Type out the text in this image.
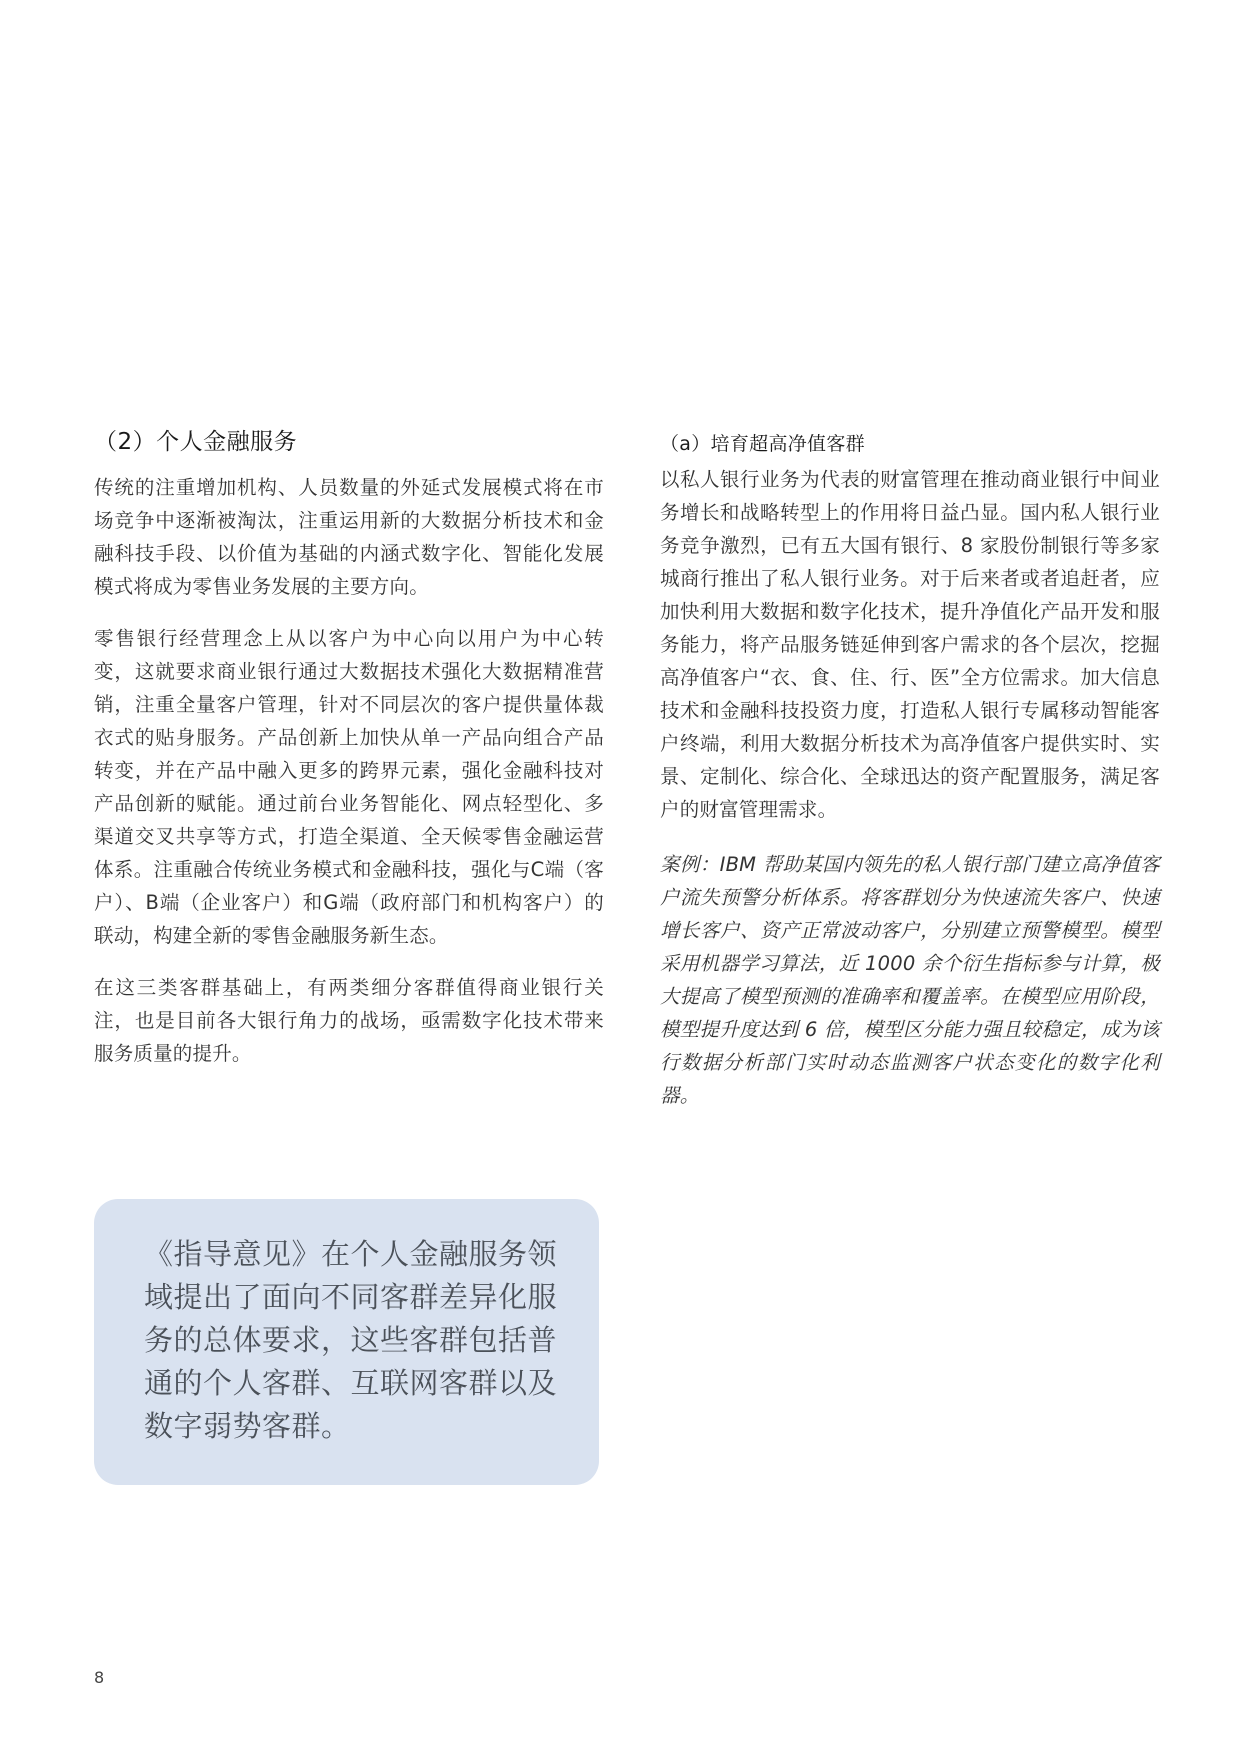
（2）个人金融服务

传统的注重增加机构、人员数量的外延式发展模式将在市场竞争中逐渐被淘汰，注重运用新的大数据分析技术和金融科技手段、以价值为基础的内涵式数字化、智能化发展模式将成为零售业务发展的主要方向。

零售银行经营理念上从以客户为中心向以用户为中心转变，这就要求商业银行通过大数据技术强化大数据精准营销，注重全量客户管理，针对不同层次的客户提供量体裁衣式的贴身服务。产品创新上加快从单一产品向组合产品转变，并在产品中融入更多的跨界元素，强化金融科技对产品创新的赋能。通过前台业务智能化、网点轻型化、多渠道交叉共享等方式，打造全渠道、全天候零售金融运营体系。注重融合传统业务模式和金融科技，强化与C端（客户）、B端（企业客户）和G端（政府部门和机构客户）的联动，构建全新的零售金融服务新生态。

在这三类客群基础上，有两类细分客群值得商业银行关注，也是目前各大银行角力的战场，亟需数字化技术带来服务质量的提升。

（a）培育超高净值客群

以私人银行业务为代表的财富管理在推动商业银行中间业务增长和战略转型上的作用将日益凸显。国内私人银行业务竞争激烈，已有五大国有银行、8 家股份制银行等多家城商行推出了私人银行业务。对于后来者或者追赶者，应加快利用大数据和数字化技术，提升净值化产品开发和服务能力，将产品服务链延伸到客户需求的各个层次，挖掘高净值客户“衣、食、住、行、医”全方位需求。加大信息技术和金融科技投资力度，打造私人银行专属移动智能客户终端，利用大数据分析技术为高净值客户提供实时、实景、定制化、综合化、全球迅达的资产配置服务，满足客户的财富管理需求。

案例：IBM 帮助某国内领先的私人银行部门建立高净值客户流失预警分析体系。将客群划分为快速流失客户、快速增长客户、资产正常波动客户，分别建立预警模型。模型采用机器学习算法，近 1000 余个衍生指标参与计算，极大提高了模型预测的准确率和覆盖率。在模型应用阶段，模型提升度达到 6 倍，模型区分能力强且较稳定，成为该行数据分析部门实时动态监测客户状态变化的数字化利器。

《指导意见》在个人金融服务领域提出了面向不同客群差异化服务的总体要求，这些客群包括普通的个人客群、互联网客群以及数字弱势客群。

8
